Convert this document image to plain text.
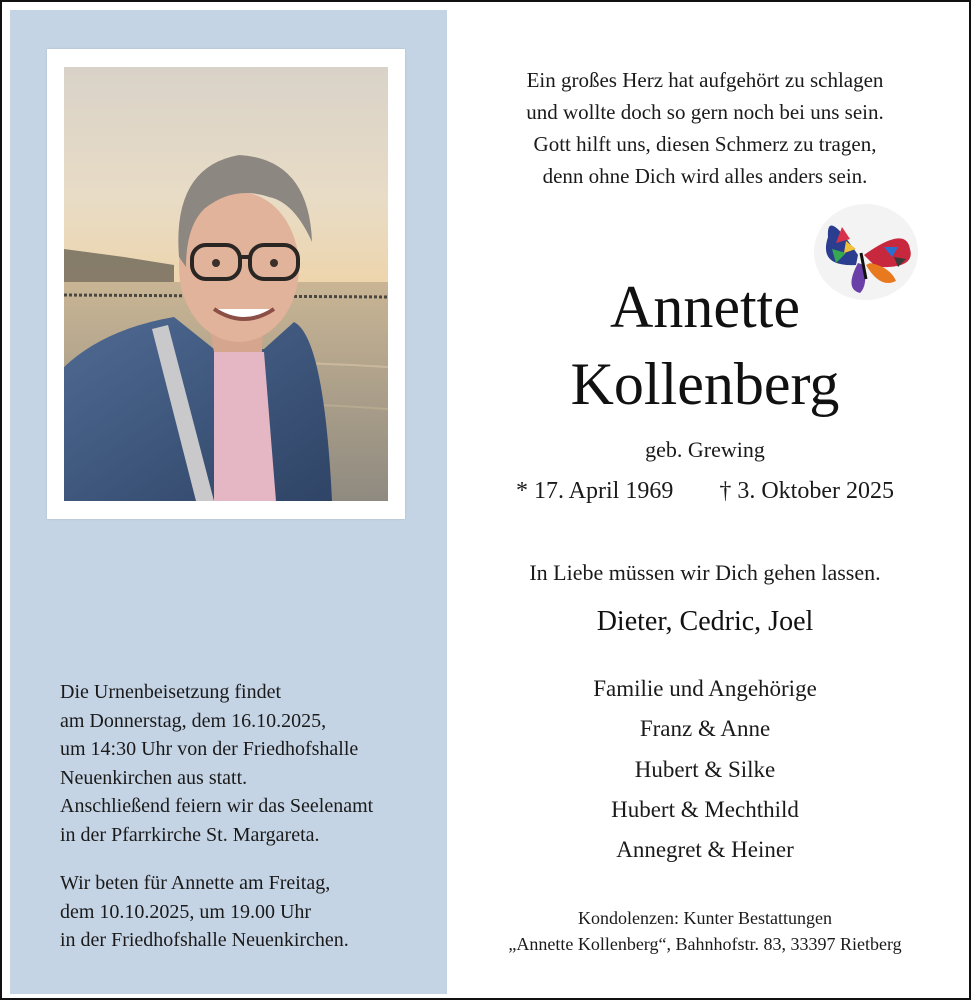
Die Urnenbeisetzung findet
am Donnerstag, dem 16.10.2025,
um 14:30 Uhr von der Friedhofshalle
Neuenkirchen aus statt.
Anschließend feiern wir das Seelenamt
in der Pfarrkirche St. Margareta.
Wir beten für Annette am Freitag,
dem 10.10.2025, um 19.00 Uhr
in der Friedhofshalle Neuenkirchen.
Ein großes Herz hat aufgehört zu schlagen
und wollte doch so gern noch bei uns sein.
Gott hilft uns, diesen Schmerz zu tragen,
denn ohne Dich wird alles anders sein.
Annette
Kollenberg
geb. Grewing
* 17. April 1969 † 3. Oktober 2025
In Liebe müssen wir Dich gehen lassen.
Dieter, Cedric, Joel
Familie und Angehörige
Franz & Anne
Hubert & Silke
Hubert & Mechthild
Annegret & Heiner
Kondolenzen: Kunter Bestattungen
„Annette Kollenberg“, Bahnhofstr. 83, 33397 Rietberg
